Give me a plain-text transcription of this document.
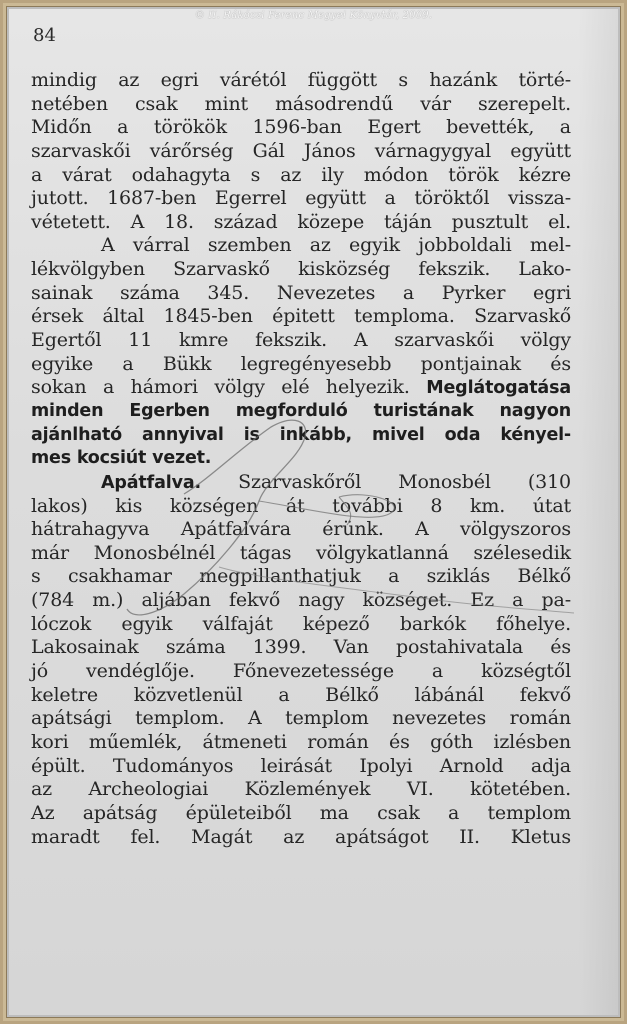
© II. Rákóczi Ferenc Megyei Könyvtár, 2009.
84
mindig az egri várétól függött s hazánk törté-
netében csak mint másodrendű vár szerepelt.
Midőn a törökök 1596-ban Egert bevették, a
szarvaskői várőrség Gál János várnagygyal együtt
a várat odahagyta s az ily módon török kézre
jutott. 1687-ben Egerrel együtt a töröktől vissza-
vétetett. A 18. század közepe táján pusztult el.
A várral szemben az egyik jobboldali mel-
lékvölgyben Szarvaskő kisközség fekszik. Lako-
sainak száma 345. Nevezetes a Pyrker egri
érsek által 1845-ben épitett temploma. Szarvaskő
Egertől 11 kmre fekszik. A szarvaskői völgy
egyike a Bükk legregényesebb pontjainak és
sokan a hámori völgy elé helyezik. Meglátogatása
minden Egerben megforduló turistának nagyon
ajánlható annyival is inkább, mivel oda kényel-
mes kocsiút vezet.
Apátfalva. Szarvaskőről Monosbél (310
lakos) kis községen át további 8 km. útat
hátrahagyva Apátfalvára érünk. A völgyszoros
már Monosbélnél tágas völgykatlanná szélesedik
s csakhamar megpillanthatjuk a sziklás Bélkő
(784 m.) aljában fekvő nagy községet. Ez a pa-
lóczok egyik válfaját képező barkók főhelye.
Lakosainak száma 1399. Van postahivatala és
jó vendéglője. Főnevezetessége a községtől
keletre közvetlenül a Bélkő lábánál fekvő
apátsági templom. A templom nevezetes román
kori műemlék, átmeneti román és góth izlésben
épült. Tudományos leirását Ipolyi Arnold adja
az Archeologiai Közlemények VI. kötetében.
Az apátság épületeiből ma csak a templom
maradt fel. Magát az apátságot II. Kletus
